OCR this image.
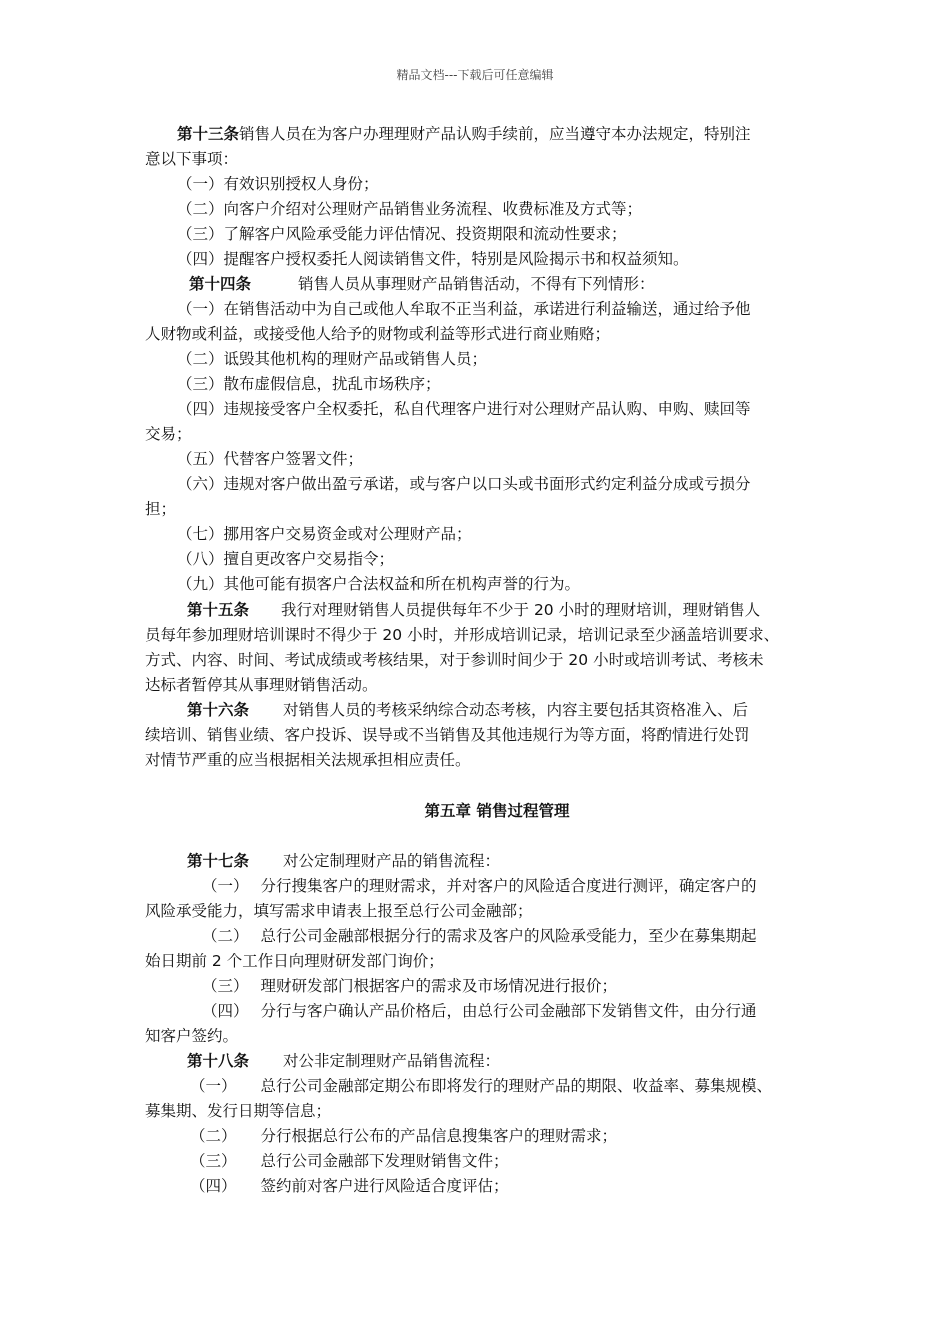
精品文档---下载后可任意编辑
第十三条销售人员在为客户办理理财产品认购手续前，应当遵守本办法规定，特别注
意以下事项：
（一）有效识别授权人身份；
（二）向客户介绍对公理财产品销售业务流程、收费标准及方式等；
（三）了解客户风险承受能力评估情况、投资期限和流动性要求；
（四）提醒客户授权委托人阅读销售文件，特别是风险揭示书和权益须知。
第十四条	销售人员从事理财产品销售活动，不得有下列情形：
（一）在销售活动中为自己或他人牟取不正当利益，承诺进行利益输送，通过给予他
人财物或利益，或接受他人给予的财物或利益等形式进行商业贿赂；
（二）诋毁其他机构的理财产品或销售人员；
（三）散布虚假信息，扰乱市场秩序；
（四）违规接受客户全权委托，私自代理客户进行对公理财产品认购、申购、赎回等
交易；
（五）代替客户签署文件；
（六）违规对客户做出盈亏承诺，或与客户以口头或书面形式约定利益分成或亏损分
担；
（七）挪用客户交易资金或对公理财产品；
（八）擅自更改客户交易指令；
（九）其他可能有损客户合法权益和所在机构声誉的行为。
第十五条 我行对理财销售人员提供每年不少于 20 小时的理财培训，理财销售人
员每年参加理财培训课时不得少于 20 小时，并形成培训记录，培训记录至少涵盖培训要求、
方式、内容、时间、考试成绩或考核结果，对于参训时间少于 20 小时或培训考试、考核未
达标者暂停其从事理财销售活动。
第十六条 对销售人员的考核采纳综合动态考核，内容主要包括其资格准入、后
续培训、销售业绩、客户投诉、误导或不当销售及其他违规行为等方面，将酌情进行处罚
对情节严重的应当根据相关法规承担相应责任。
第五章 销售过程管理
第十七条 对公定制理财产品的销售流程：
（一） 分行搜集客户的理财需求，并对客户的风险适合度进行测评，确定客户的
风险承受能力，填写需求申请表上报至总行公司金融部；
（二） 总行公司金融部根据分行的需求及客户的风险承受能力，至少在募集期起
始日期前 2 个工作日向理财研发部门询价；
（三） 理财研发部门根据客户的需求及市场情况进行报价；
（四） 分行与客户确认产品价格后，由总行公司金融部下发销售文件，由分行通
知客户签约。
第十八条 对公非定制理财产品销售流程：
（一） 总行公司金融部定期公布即将发行的理财产品的期限、收益率、募集规模、
募集期、发行日期等信息；
（二） 分行根据总行公布的产品信息搜集客户的理财需求；
（三） 总行公司金融部下发理财销售文件；
（四） 签约前对客户进行风险适合度评估；
